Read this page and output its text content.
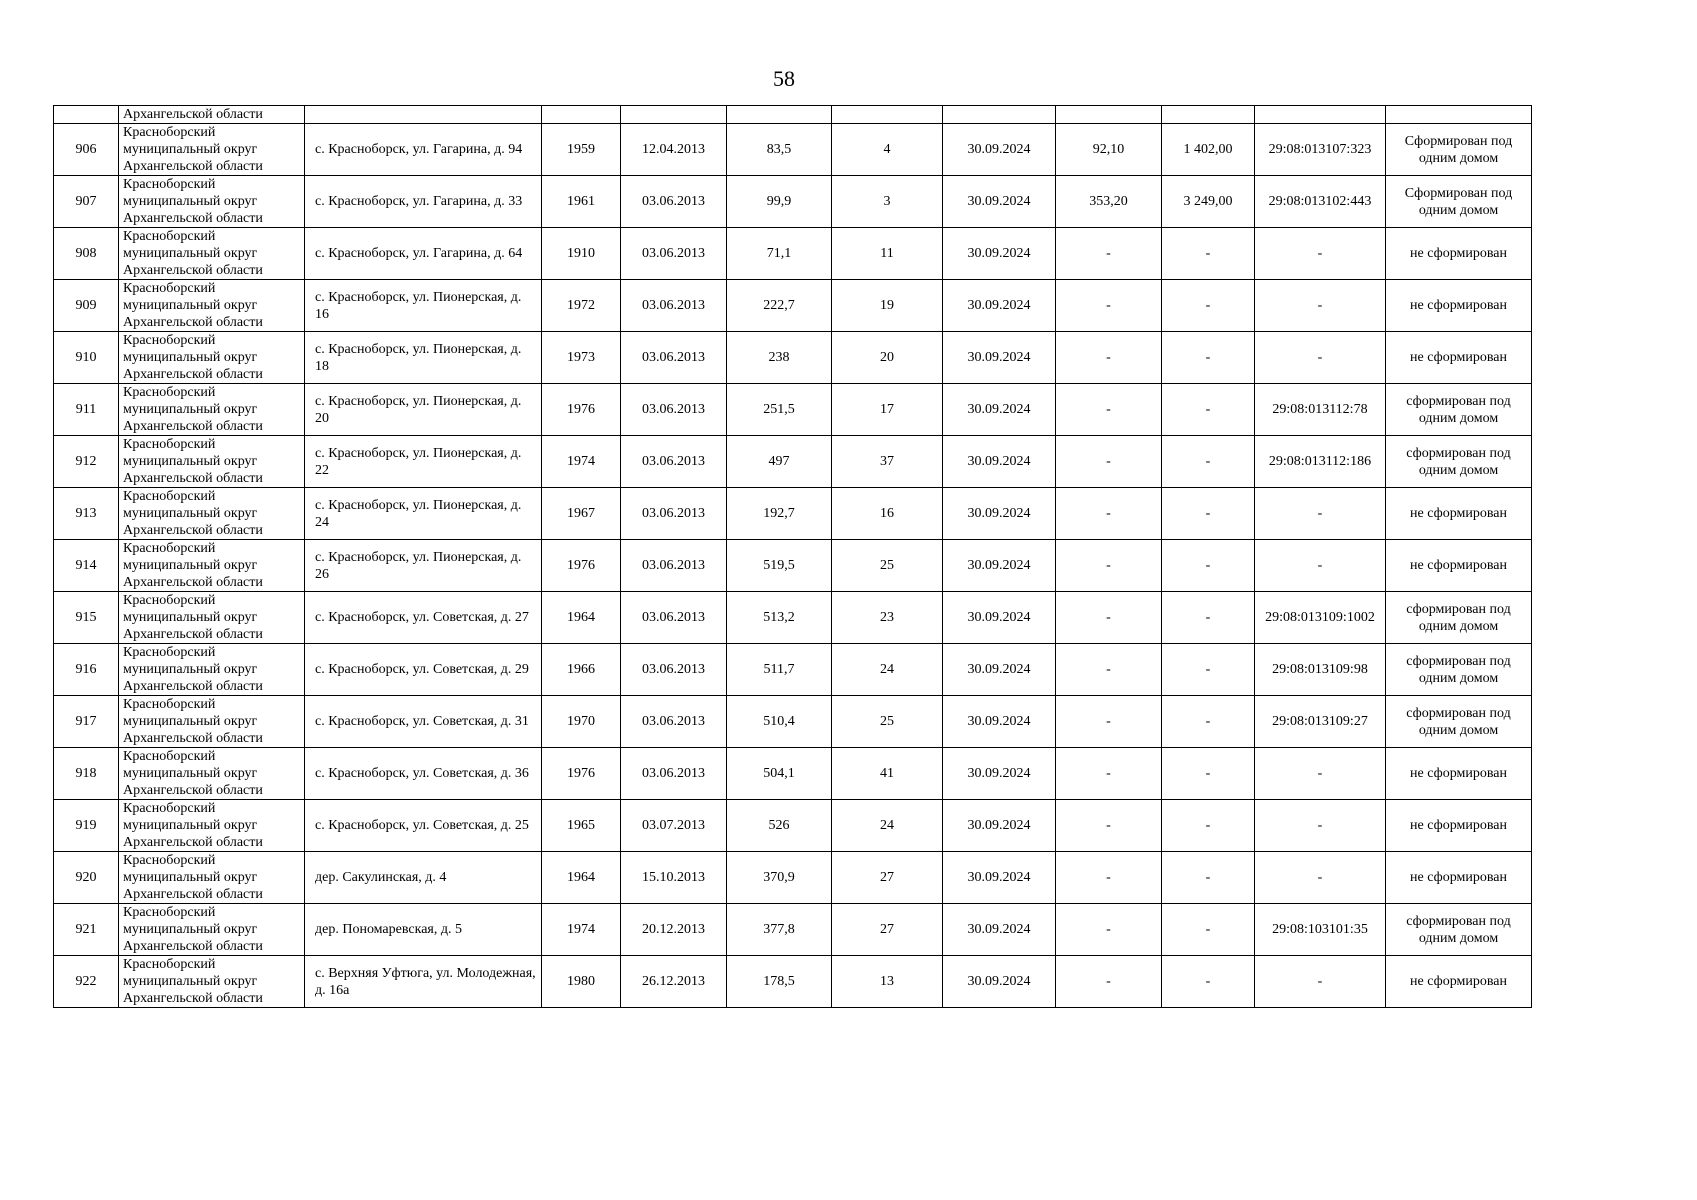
58
	Архангельской области										
906	Красноборский
муниципальный округ
Архангельской области	с. Красноборск, ул. Гагарина, д. 94	1959	12.04.2013	83,5	4	30.09.2024	92,10	1 402,00	29:08:013107:323	Сформирован под одним домом
907	Красноборский
муниципальный округ
Архангельской области	с. Красноборск, ул. Гагарина, д. 33	1961	03.06.2013	99,9	3	30.09.2024	353,20	3 249,00	29:08:013102:443	Сформирован под одним домом
908	Красноборский
муниципальный округ
Архангельской области	с. Красноборск, ул. Гагарина, д. 64	1910	03.06.2013	71,1	11	30.09.2024	-	-	-	не сформирован
909	Красноборский
муниципальный округ
Архангельской области	с. Красноборск, ул. Пионерская, д. 16	1972	03.06.2013	222,7	19	30.09.2024	-	-	-	не сформирован
910	Красноборский
муниципальный округ
Архангельской области	с. Красноборск, ул. Пионерская, д. 18	1973	03.06.2013	238	20	30.09.2024	-	-	-	не сформирован
911	Красноборский
муниципальный округ
Архангельской области	с. Красноборск, ул. Пионерская, д. 20	1976	03.06.2013	251,5	17	30.09.2024	-	-	29:08:013112:78	сформирован под одним домом
912	Красноборский
муниципальный округ
Архангельской области	с. Красноборск, ул. Пионерская, д. 22	1974	03.06.2013	497	37	30.09.2024	-	-	29:08:013112:186	сформирован под одним домом
913	Красноборский
муниципальный округ
Архангельской области	с. Красноборск, ул. Пионерская, д. 24	1967	03.06.2013	192,7	16	30.09.2024	-	-	-	не сформирован
914	Красноборский
муниципальный округ
Архангельской области	с. Красноборск, ул. Пионерская, д. 26	1976	03.06.2013	519,5	25	30.09.2024	-	-	-	не сформирован
915	Красноборский
муниципальный округ
Архангельской области	с. Красноборск, ул. Советская, д. 27	1964	03.06.2013	513,2	23	30.09.2024	-	-	29:08:013109:1002	сформирован под одним домом
916	Красноборский
муниципальный округ
Архангельской области	с. Красноборск, ул. Советская, д. 29	1966	03.06.2013	511,7	24	30.09.2024	-	-	29:08:013109:98	сформирован под одним домом
917	Красноборский
муниципальный округ
Архангельской области	с. Красноборск, ул. Советская, д. 31	1970	03.06.2013	510,4	25	30.09.2024	-	-	29:08:013109:27	сформирован под одним домом
918	Красноборский
муниципальный округ
Архангельской области	с. Красноборск, ул. Советская, д. 36	1976	03.06.2013	504,1	41	30.09.2024	-	-	-	не сформирован
919	Красноборский
муниципальный округ
Архангельской области	с. Красноборск, ул. Советская, д. 25	1965	03.07.2013	526	24	30.09.2024	-	-	-	не сформирован
920	Красноборский
муниципальный округ
Архангельской области	дер. Сакулинская, д. 4	1964	15.10.2013	370,9	27	30.09.2024	-	-	-	не сформирован
921	Красноборский
муниципальный округ
Архангельской области	дер. Пономаревская, д. 5	1974	20.12.2013	377,8	27	30.09.2024	-	-	29:08:103101:35	сформирован под одним домом
922	Красноборский
муниципальный округ
Архангельской области	с. Верхняя Уфтюга, ул. Молодежная, д. 16а	1980	26.12.2013	178,5	13	30.09.2024	-	-	-	не сформирован
